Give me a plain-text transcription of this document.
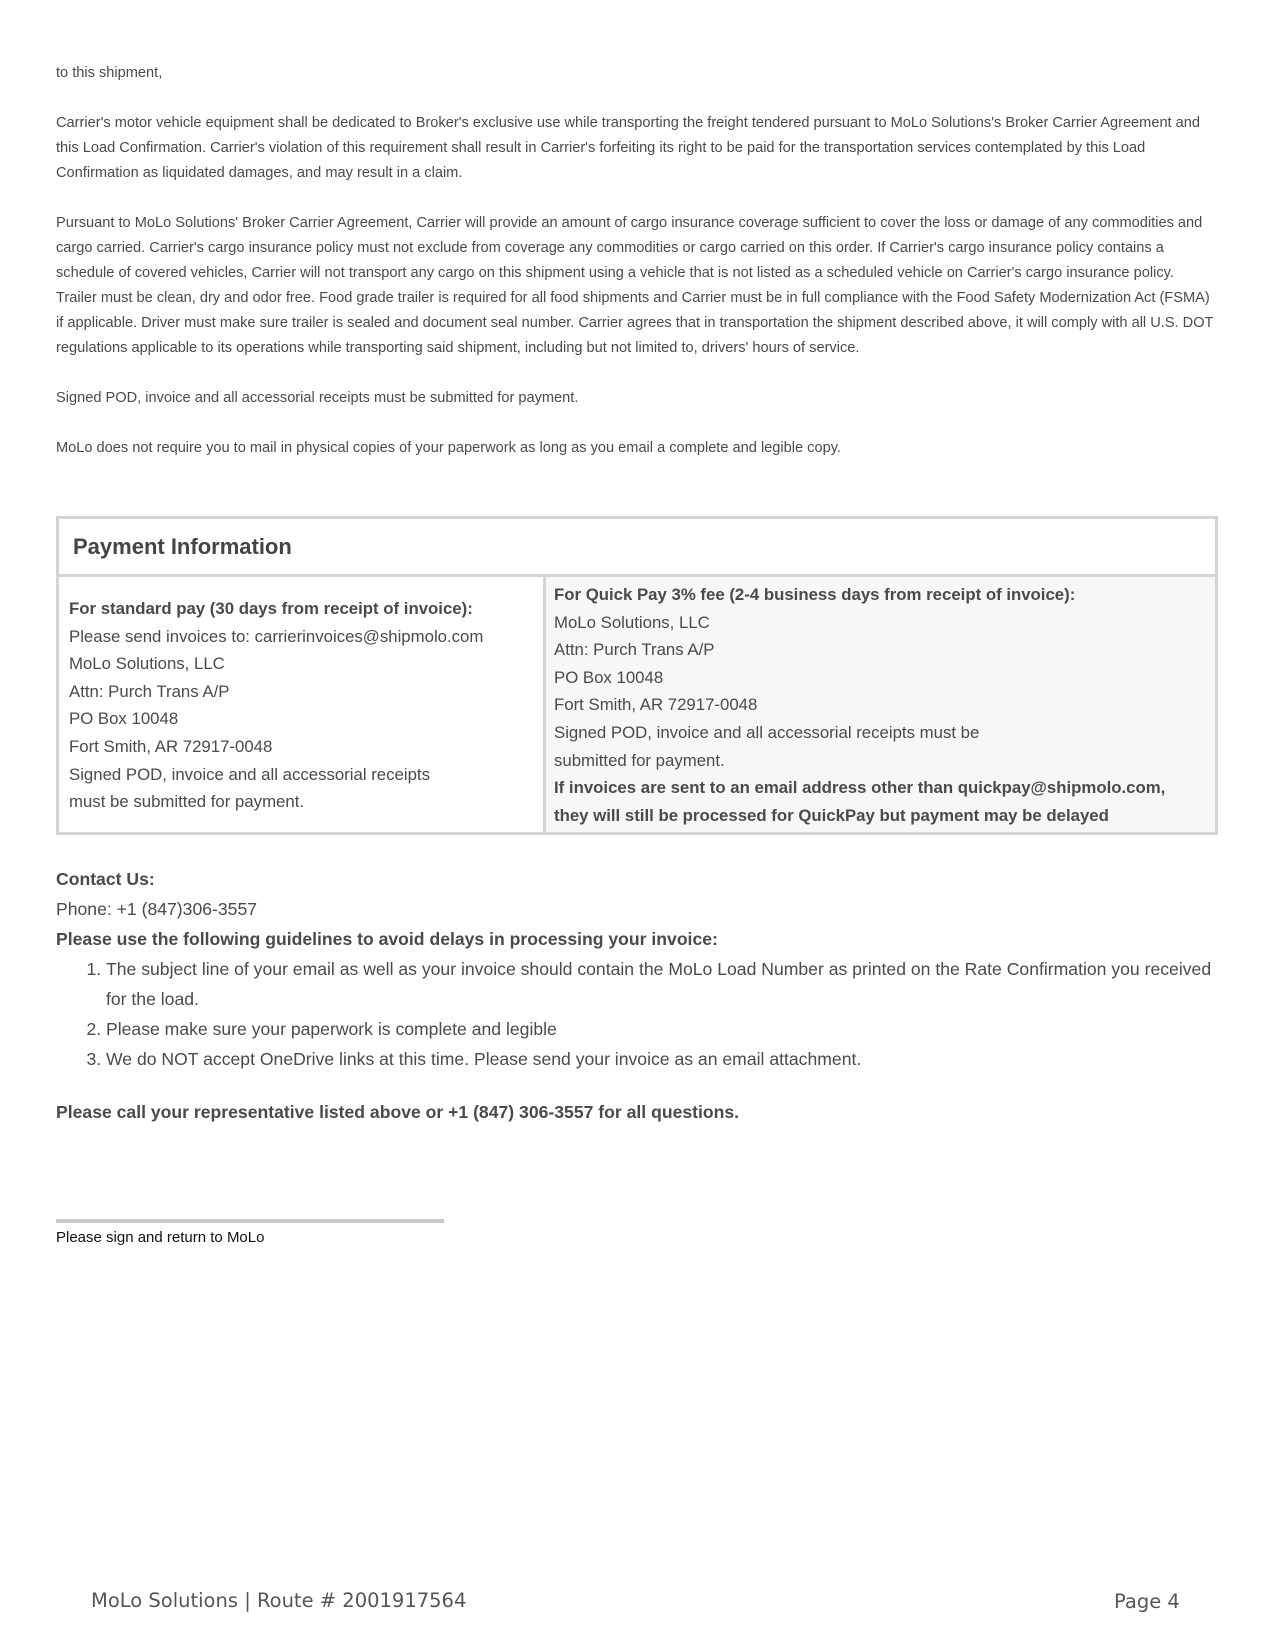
to this shipment,

Carrier's motor vehicle equipment shall be dedicated to Broker's exclusive use while transporting the freight tendered pursuant to MoLo Solutions's Broker Carrier Agreement and this Load Confirmation. Carrier's violation of this requirement shall result in Carrier's forfeiting its right to be paid for the transportation services contemplated by this Load Confirmation as liquidated damages, and may result in a claim.

Pursuant to MoLo Solutions' Broker Carrier Agreement, Carrier will provide an amount of cargo insurance coverage sufficient to cover the loss or damage of any commodities and cargo carried. Carrier's cargo insurance policy must not exclude from coverage any commodities or cargo carried on this order. If Carrier's cargo insurance policy contains a schedule of covered vehicles, Carrier will not transport any cargo on this shipment using a vehicle that is not listed as a scheduled vehicle on Carrier's cargo insurance policy. Trailer must be clean, dry and odor free. Food grade trailer is required for all food shipments and Carrier must be in full compliance with the Food Safety Modernization Act (FSMA) if applicable. Driver must make sure trailer is sealed and document seal number. Carrier agrees that in transportation the shipment described above, it will comply with all U.S. DOT regulations applicable to its operations while transporting said shipment, including but not limited to, drivers' hours of service.

Signed POD, invoice and all accessorial receipts must be submitted for payment.

MoLo does not require you to mail in physical copies of your paperwork as long as you email a complete and legible copy.

Payment Information
For standard pay (30 days from receipt of invoice):
Please send invoices to: carrierinvoices@shipmolo.com
MoLo Solutions, LLC
Attn: Purch Trans A/P
PO Box 10048
Fort Smith, AR 72917-0048
Signed POD, invoice and all accessorial receipts
must be submitted for payment.
For Quick Pay 3% fee (2-4 business days from receipt of invoice):
MoLo Solutions, LLC
Attn: Purch Trans A/P
PO Box 10048
Fort Smith, AR 72917-0048
Signed POD, invoice and all accessorial receipts must be
submitted for payment.
If invoices are sent to an email address other than quickpay@shipmolo.com,
they will still be processed for QuickPay but payment may be delayed
Contact Us:
Phone: +1 (847)306-3557
Please use the following guidelines to avoid delays in processing your invoice:
1. The subject line of your email as well as your invoice should contain the MoLo Load Number as printed on the Rate Confirmation you received for the load.
2. Please make sure your paperwork is complete and legible
3. We do NOT accept OneDrive links at this time. Please send your invoice as an email attachment.
Please call your representative listed above or +1 (847) 306-3557 for all questions.
Please sign and return to MoLo
MoLo Solutions | Route # 2001917564	Page 4
